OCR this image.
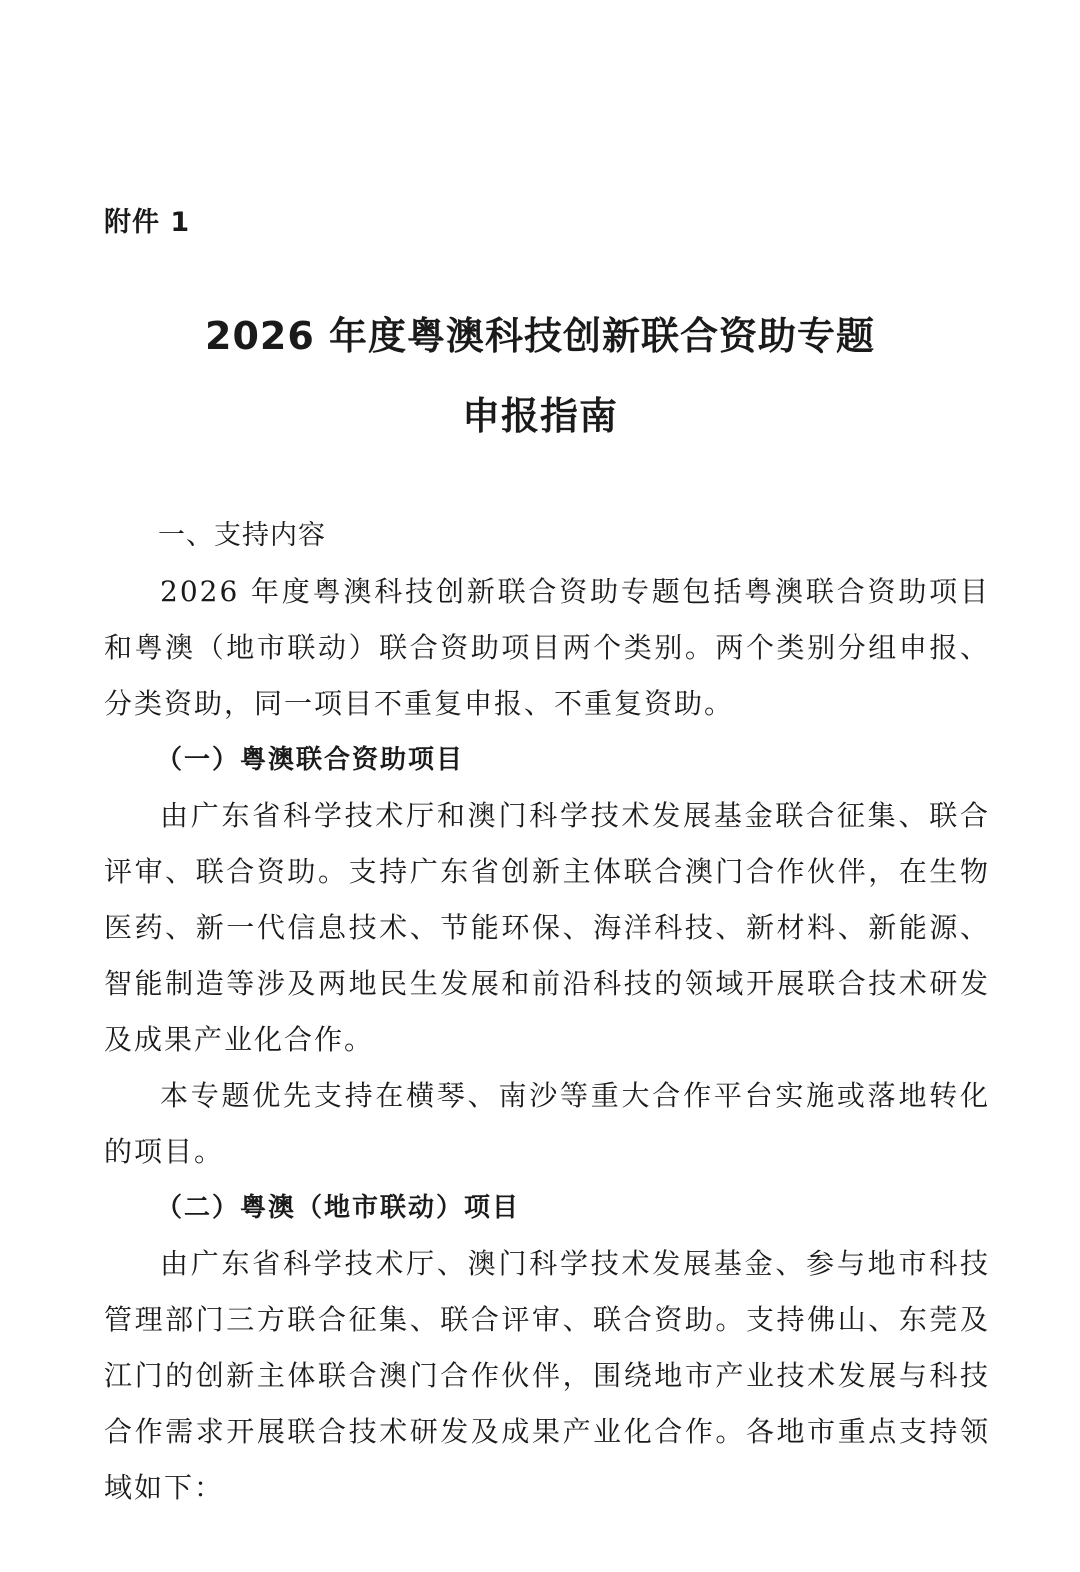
附件 1
2026 年度粤澳科技创新联合资助专题
申报指南

一、支持内容

2026 年度粤澳科技创新联合资助专题包括粤澳联合资助项目和粤澳（地市联动）联合资助项目两个类别。两个类别分组申报、分类资助，同一项目不重复申报、不重复资助。

（一）粤澳联合资助项目

由广东省科学技术厅和澳门科学技术发展基金联合征集、联合评审、联合资助。支持广东省创新主体联合澳门合作伙伴，在生物医药、新一代信息技术、节能环保、海洋科技、新材料、新能源、智能制造等涉及两地民生发展和前沿科技的领域开展联合技术研发及成果产业化合作。

本专题优先支持在横琴、南沙等重大合作平台实施或落地转化的项目。

（二）粤澳（地市联动）项目

由广东省科学技术厅、澳门科学技术发展基金、参与地市科技管理部门三方联合征集、联合评审、联合资助。支持佛山、东莞及江门的创新主体联合澳门合作伙伴，围绕地市产业技术发展与科技合作需求开展联合技术研发及成果产业化合作。各地市重点支持领域如下：
